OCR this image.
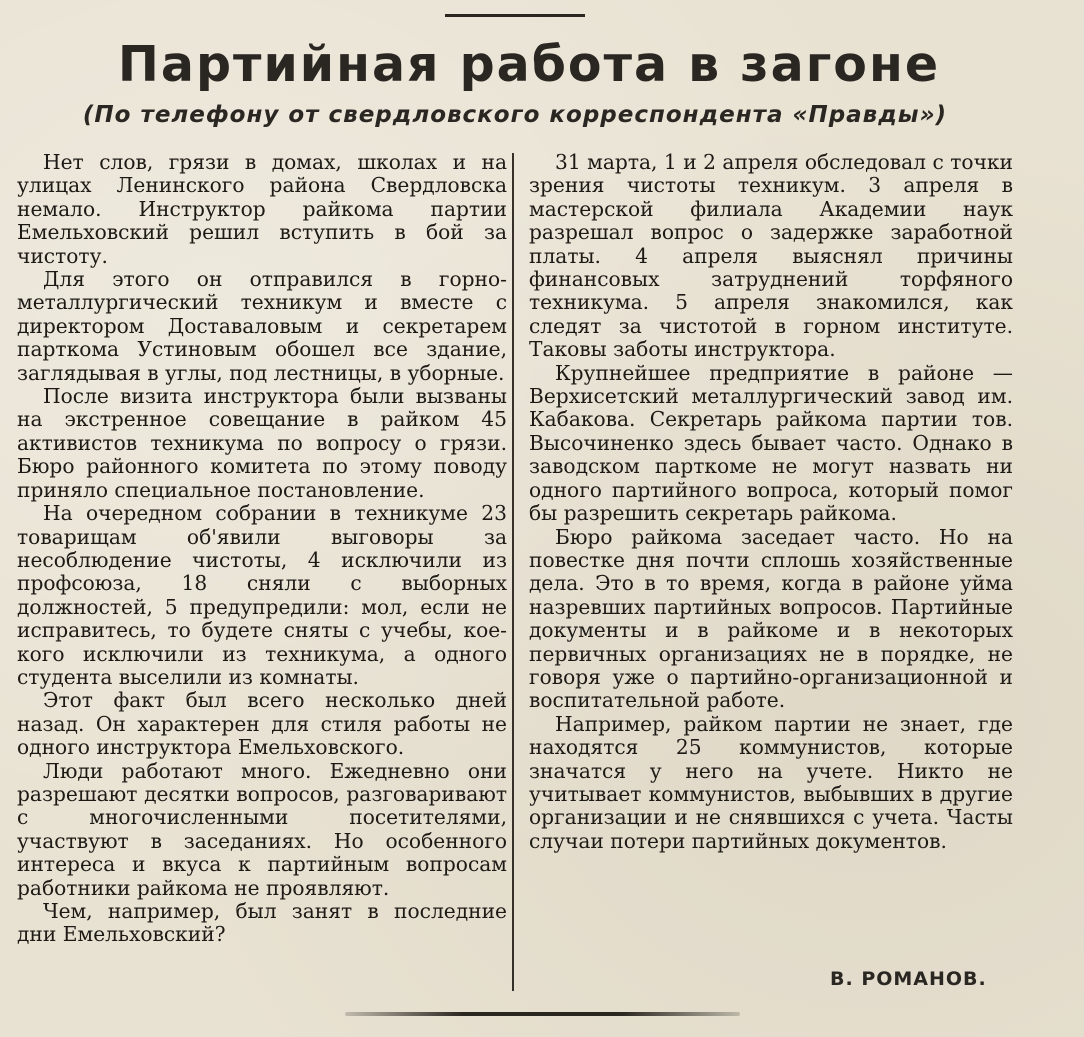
Партийная работа в загоне
(По телефону от свердловского корреспондента «Правды»)

Нет слов, грязи в домах, школах и на улицах Ленинского района Свердловска немало. Инструктор райкома партии Емельховский решил вступить в бой за чистоту.

Для этого он отправился в горно-металлургический техникум и вместе с директором Доставаловым и секретарем парткома Устиновым обошел все здание, заглядывая в углы, под лестницы, в уборные.

После визита инструктора были вызваны на экстренное совещание в райком 45 активистов техникума по вопросу о грязи. Бюро районного комитета по этому поводу приняло специальное постановление.

На очередном собрании в техникуме 23 товарищам об'явили выговоры за несоблюдение чистоты, 4 исключили из профсоюза, 18 сняли с выборных должностей, 5 предупредили: мол, если не исправитесь, то будете сняты с учебы, кое-кого исключили из техникума, а одного студента выселили из комнаты.

Этот факт был всего несколько дней назад. Он характерен для стиля работы не одного инструктора Емельховского.

Люди работают много. Ежедневно они разрешают десятки вопросов, разговаривают с многочисленными посетителями, участвуют в заседаниях. Но особенного интереса и вкуса к партийным вопросам работники райкома не проявляют.

Чем, например, был занят в последние дни Емельховский?

31 марта, 1 и 2 апреля обследовал с точки зрения чистоты техникум. 3 апреля в мастерской филиала Академии наук разрешал вопрос о задержке заработной платы. 4 апреля выяснял причины финансовых затруднений торфяного техникума. 5 апреля знакомился, как следят за чистотой в горном институте. Таковы заботы инструктора.

Крупнейшее предприятие в районе — Верхисетский металлургический завод им. Кабакова. Секретарь райкома партии тов. Высочиненко здесь бывает часто. Однако в заводском парткоме не могут назвать ни одного партийного вопроса, который помог бы разрешить секретарь райкома.

Бюро райкома заседает часто. Но на повестке дня почти сплошь хозяйственные дела. Это в то время, когда в районе уйма назревших партийных вопросов. Партийные документы и в райкоме и в некоторых первичных организациях не в порядке, не говоря уже о партийно-организационной и воспитательной работе.

Например, райком партии не знает, где находятся 25 коммунистов, которые значатся у него на учете. Никто не учитывает коммунистов, выбывших в другие организации и не снявшихся с учета. Часты случаи потери партийных документов.

В. РОМАНОВ.
